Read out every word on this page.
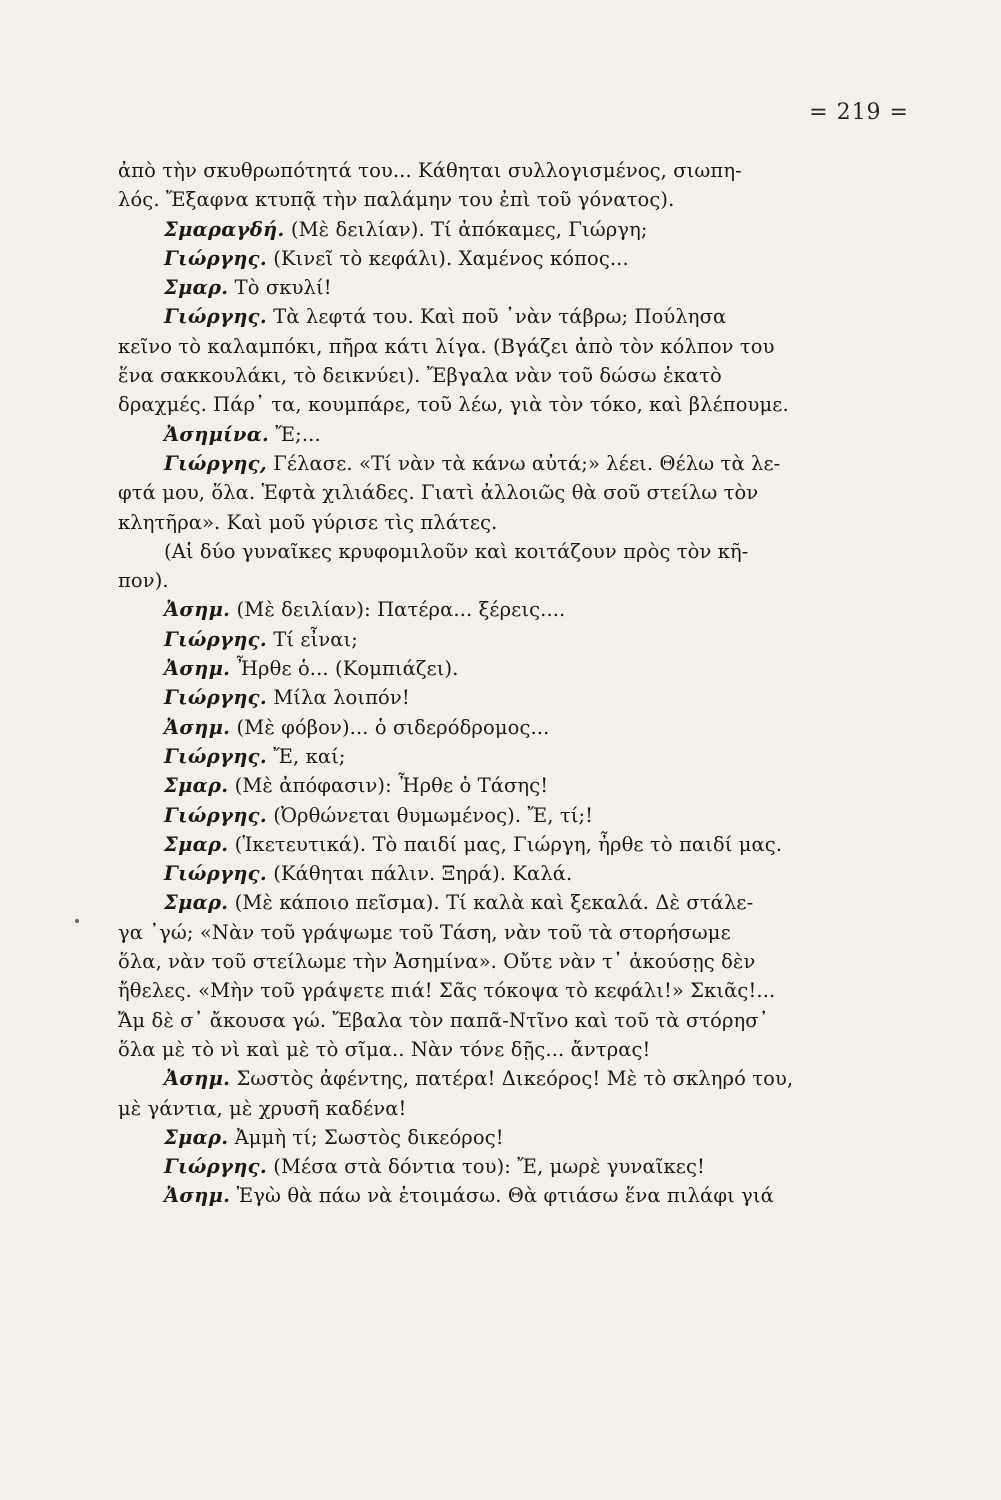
= 219 =
ἀπὸ τὴν σκυθρωπότητά του... Κάθηται συλλογισμένος, σιωπη-
λός. Ἔξαφνα κτυπᾷ τὴν παλάμην του ἐπὶ τοῦ γόνατος).
Σμαραγδή. (Μὲ δειλίαν). Τί ἀπόκαμες, Γιώργη;
Γιώργης. (Κινεῖ τὸ κεφάλι). Χαμένος κόπος...
Σμαρ. Τὸ σκυλί!
Γιώργης. Τὰ λεφτά του. Καὶ ποῦ ᾽νὰν τάβρω; Πούλησα
κεῖνο τὸ καλαμπόκι, πῆρα κάτι λίγα. (Βγάζει ἀπὸ τὸν κόλπον του
ἕνα σακκουλάκι, τὸ δεικνύει). Ἔβγαλα νὰν τοῦ δώσω ἑκατὸ
δραχμές. Πάρ᾽ τα, κουμπάρε, τοῦ λέω, γιὰ τὸν τόκο, καὶ βλέπουμε.
Ἀσημίνα. Ἔ;...
Γιώργης, Γέλασε. «Τί νὰν τὰ κάνω αὐτά;» λέει. Θέλω τὰ λε-
φτά μου, ὅλα. Ἑφτὰ χιλιάδες. Γιατὶ ἀλλοιῶς θὰ σοῦ στείλω τὸν
κλητῆρα». Καὶ μοῦ γύρισε τὶς πλάτες.
(Αἱ δύο γυναῖκες κρυφομιλοῦν καὶ κοιτάζουν πρὸς τὸν κῆ-
πον).
Ἀσημ. (Μὲ δειλίαν): Πατέρα... ξέρεις....
Γιώργης. Τί εἶναι;
Ἀσημ. Ἦρθε ὁ... (Κομπιάζει).
Γιώργης. Μίλα λοιπόν!
Ἀσημ. (Μὲ φόβον)... ὁ σιδερόδρομος...
Γιώργης. Ἔ, καί;
Σμαρ. (Μὲ ἀπόφασιν): Ἦρθε ὁ Τάσης!
Γιώργης. (Ὀρθώνεται θυμωμένος). Ἔ, τί;!
Σμαρ. (Ἱκετευτικά). Τὸ παιδί μας, Γιώργη, ἦρθε τὸ παιδί μας.
Γιώργης. (Κάθηται πάλιν. Ξηρά). Καλά.
Σμαρ. (Μὲ κάποιο πεῖσμα). Τί καλὰ καὶ ξεκαλά. Δὲ στάλε-
γα ᾽γώ; «Νὰν τοῦ γράψωμε τοῦ Τάση, νὰν τοῦ τὰ στορήσωμε
ὅλα, νὰν τοῦ στείλωμε τὴν Ἀσημίνα». Οὔτε νὰν τ᾽ ἀκούσῃς δὲν
ἤθελες. «Μὴν τοῦ γράψετε πιά! Σᾶς τόκοψα τὸ κεφάλι!» Σκιᾶς!...
Ἄμ δὲ σ᾽ ἄκουσα γώ. Ἔβαλα τὸν παπᾶ-Ντῖνο καὶ τοῦ τὰ στόρησ᾽
ὅλα μὲ τὸ νὶ καὶ μὲ τὸ σῖμα.. Νὰν τόνε δῇς... ἄντρας!
Ἀσημ. Σωστὸς ἀφέντης, πατέρα! Δικεόρος! Μὲ τὸ σκληρό του,
μὲ γάντια, μὲ χρυσῆ καδένα!
Σμαρ. Ἀμμὴ τί; Σωστὸς δικεόρος!
Γιώργης. (Μέσα στὰ δόντια του): Ἔ, μωρὲ γυναῖκες!
Ἀσημ. Ἐγὼ θὰ πάω νὰ ἑτοιμάσω. Θὰ φτιάσω ἕνα πιλάφι γιά
